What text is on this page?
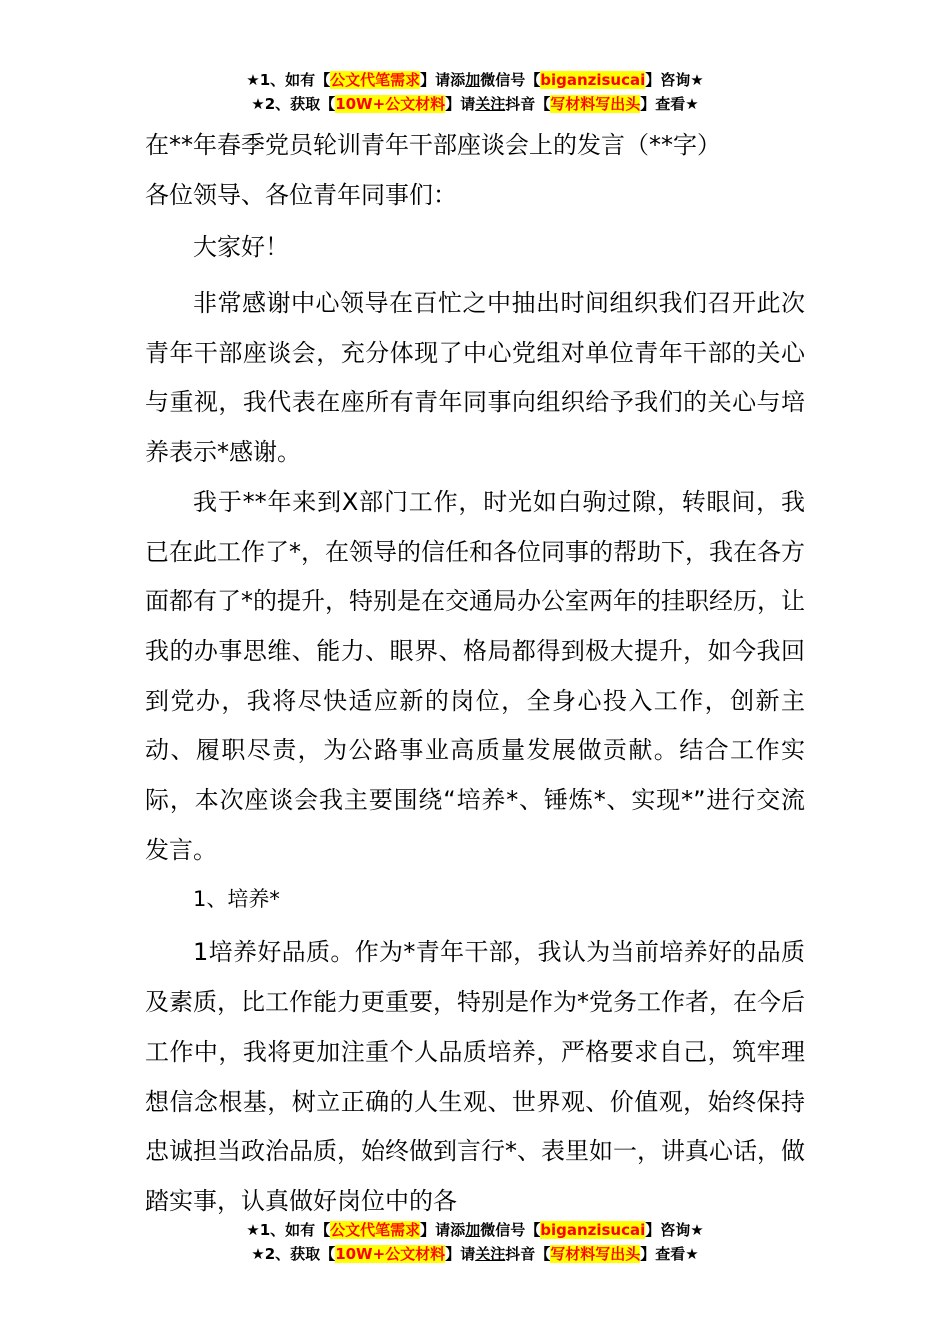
★1、如有【公文代笔需求】请添加微信号【biganzisucai】咨询★
★2、获取【10W+公文材料】请关注抖音【写材料写出头】查看★

在**年春季党员轮训青年干部座谈会上的发言（**字）

各位领导、各位青年同事们：

大家好！

非常感谢中心领导在百忙之中抽出时间组织我们召开此次青年干部座谈会，充分体现了中心党组对单位青年干部的关心与重视，我代表在座所有青年同事向组织给予我们的关心与培养表示*感谢。

我于**年来到X部门工作，时光如白驹过隙，转眼间，我已在此工作了*，在领导的信任和各位同事的帮助下，我在各方面都有了*的提升，特别是在交通局办公室两年的挂职经历，让我的办事思维、能力、眼界、格局都得到极大提升，如今我回到党办，我将尽快适应新的岗位，全身心投入工作，创新主动、履职尽责，为公路事业高质量发展做贡献。结合工作实际，本次座谈会我主要围绕“培养*、锤炼*、实现*”进行交流发言。

1、培养*

1培养好品质。作为*青年干部，我认为当前培养好的品质及素质，比工作能力更重要，特别是作为*党务工作者，在今后工作中，我将更加注重个人品质培养，严格要求自己，筑牢理想信念根基，树立正确的人生观、世界观、价值观，始终保持忠诚担当政治品质，始终做到言行*、表里如一，讲真心话，做踏实事，认真做好岗位中的各

★1、如有【公文代笔需求】请添加微信号【biganzisucai】咨询★
★2、获取【10W+公文材料】请关注抖音【写材料写出头】查看★
